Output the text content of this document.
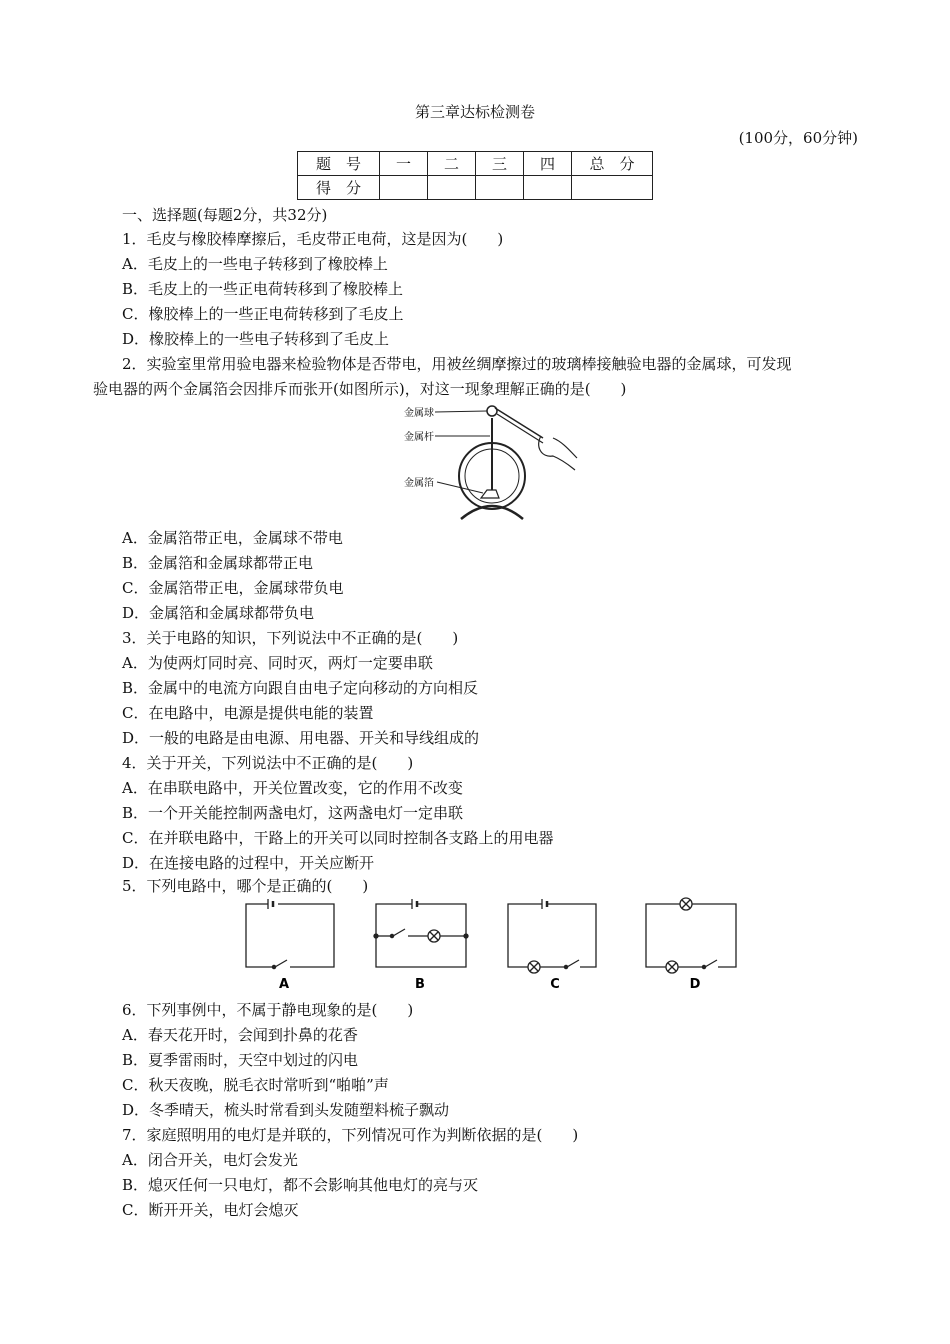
第三章达标检测卷
(100分，60分钟)
题　号	一	二	三	四	总　分
得　分					
一、选择题(每题2分，共32分)
1．毛皮与橡胶棒摩擦后，毛皮带正电荷，这是因为(　　)
A．毛皮上的一些电子转移到了橡胶棒上
B．毛皮上的一些正电荷转移到了橡胶棒上
C．橡胶棒上的一些正电荷转移到了毛皮上
D．橡胶棒上的一些电子转移到了毛皮上
2．实验室里常用验电器来检验物体是否带电，用被丝绸摩擦过的玻璃棒接触验电器的金属球，可发现
验电器的两个金属箔会因排斥而张开(如图所示)，对这一现象理解正确的是(　　)
金属球
金属杆
金属箔
A．金属箔带正电，金属球不带电
B．金属箔和金属球都带正电
C．金属箔带正电，金属球带负电
D．金属箔和金属球都带负电
3．关于电路的知识，下列说法中不正确的是(　　)
A．为使两灯同时亮、同时灭，两灯一定要串联
B．金属中的电流方向跟自由电子定向移动的方向相反
C．在电路中，电源是提供电能的装置
D．一般的电路是由电源、用电器、开关和导线组成的
4．关于开关，下列说法中不正确的是(　　)
A．在串联电路中，开关位置改变，它的作用不改变
B．一个开关能控制两盏电灯，这两盏电灯一定串联
C．在并联电路中，干路上的开关可以同时控制各支路上的用电器
D．在连接电路的过程中，开关应断开
5．下列电路中，哪个是正确的(　　)
A	B	C	D
6．下列事例中，不属于静电现象的是(　　)
A．春天花开时，会闻到扑鼻的花香
B．夏季雷雨时，天空中划过的闪电
C．秋天夜晚，脱毛衣时常听到“啪啪”声
D．冬季晴天，梳头时常看到头发随塑料梳子飘动
7．家庭照明用的电灯是并联的，下列情况可作为判断依据的是(　　)
A．闭合开关，电灯会发光
B．熄灭任何一只电灯，都不会影响其他电灯的亮与灭
C．断开开关，电灯会熄灭
